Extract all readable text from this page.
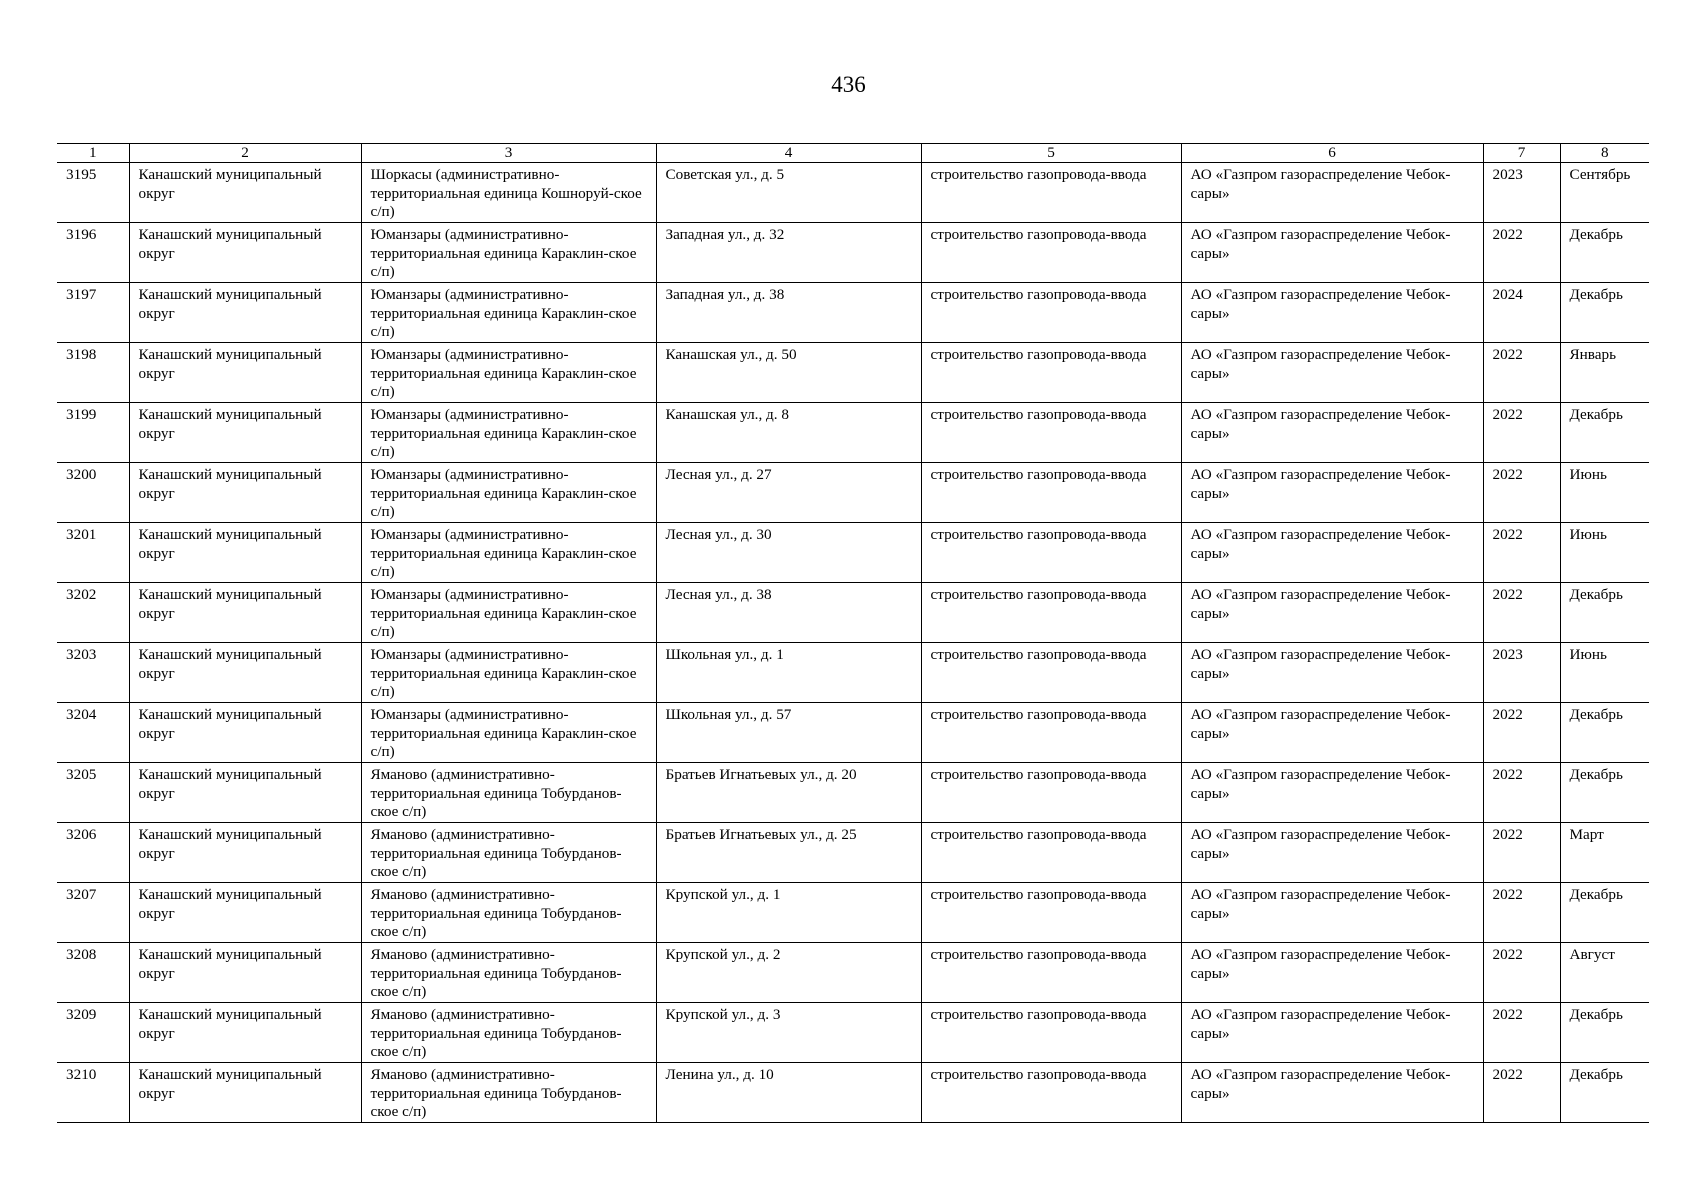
436
1	2	3	4	5	6	7	8
3195	Канашский муниципальный округ	Шоркасы (административно-территориальная единица Кошноруй-ское с/п)	Советская ул., д. 5	строительство газопровода-ввода	АО «Газпром газораспределение Чебок-сары»	2023	Сентябрь
3196	Канашский муниципальный округ	Юманзары (административно-территориальная единица Караклин-ское с/п)	Западная ул., д. 32	строительство газопровода-ввода	АО «Газпром газораспределение Чебок-сары»	2022	Декабрь
3197	Канашский муниципальный округ	Юманзары (административно-территориальная единица Караклин-ское с/п)	Западная ул., д. 38	строительство газопровода-ввода	АО «Газпром газораспределение Чебок-сары»	2024	Декабрь
3198	Канашский муниципальный округ	Юманзары (административно-территориальная единица Караклин-ское с/п)	Канашская ул., д. 50	строительство газопровода-ввода	АО «Газпром газораспределение Чебок-сары»	2022	Январь
3199	Канашский муниципальный округ	Юманзары (административно-территориальная единица Караклин-ское с/п)	Канашская ул., д. 8	строительство газопровода-ввода	АО «Газпром газораспределение Чебок-сары»	2022	Декабрь
3200	Канашский муниципальный округ	Юманзары (административно-территориальная единица Караклин-ское с/п)	Лесная ул., д. 27	строительство газопровода-ввода	АО «Газпром газораспределение Чебок-сары»	2022	Июнь
3201	Канашский муниципальный округ	Юманзары (административно-территориальная единица Караклин-ское с/п)	Лесная ул., д. 30	строительство газопровода-ввода	АО «Газпром газораспределение Чебок-сары»	2022	Июнь
3202	Канашский муниципальный округ	Юманзары (административно-территориальная единица Караклин-ское с/п)	Лесная ул., д. 38	строительство газопровода-ввода	АО «Газпром газораспределение Чебок-сары»	2022	Декабрь
3203	Канашский муниципальный округ	Юманзары (административно-территориальная единица Караклин-ское с/п)	Школьная ул., д. 1	строительство газопровода-ввода	АО «Газпром газораспределение Чебок-сары»	2023	Июнь
3204	Канашский муниципальный округ	Юманзары (административно-территориальная единица Караклин-ское с/п)	Школьная ул., д. 57	строительство газопровода-ввода	АО «Газпром газораспределение Чебок-сары»	2022	Декабрь
3205	Канашский муниципальный округ	Яманово (административно-территориальная единица Тобурданов-ское с/п)	Братьев Игнатьевых ул., д. 20	строительство газопровода-ввода	АО «Газпром газораспределение Чебок-сары»	2022	Декабрь
3206	Канашский муниципальный округ	Яманово (административно-территориальная единица Тобурданов-ское с/п)	Братьев Игнатьевых ул., д. 25	строительство газопровода-ввода	АО «Газпром газораспределение Чебок-сары»	2022	Март
3207	Канашский муниципальный округ	Яманово (административно-территориальная единица Тобурданов-ское с/п)	Крупской ул., д. 1	строительство газопровода-ввода	АО «Газпром газораспределение Чебок-сары»	2022	Декабрь
3208	Канашский муниципальный округ	Яманово (административно-территориальная единица Тобурданов-ское с/п)	Крупской ул., д. 2	строительство газопровода-ввода	АО «Газпром газораспределение Чебок-сары»	2022	Август
3209	Канашский муниципальный округ	Яманово (административно-территориальная единица Тобурданов-ское с/п)	Крупской ул., д. 3	строительство газопровода-ввода	АО «Газпром газораспределение Чебок-сары»	2022	Декабрь
3210	Канашский муниципальный округ	Яманово (административно-территориальная единица Тобурданов-ское с/п)	Ленина ул., д. 10	строительство газопровода-ввода	АО «Газпром газораспределение Чебок-сары»	2022	Декабрь
